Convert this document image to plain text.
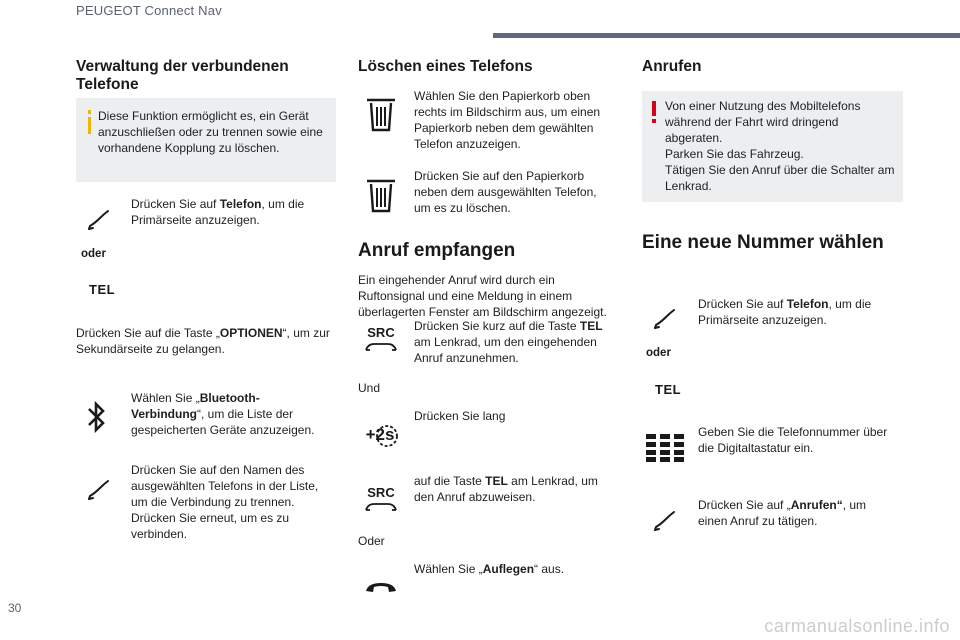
PEUGEOT Connect Nav
Verwaltung der verbundenen Telefone

Diese Funktion ermöglicht es, ein Gerät anzuschließen oder zu trennen sowie eine vorhandene Kopplung zu löschen.

Drücken Sie auf Telefon, um die Primärseite anzuzeigen.

oder
TEL

Drücken Sie auf die Taste „OPTIONEN“, um zur Sekundärseite zu gelangen.

Wählen Sie „Bluetooth-Verbindung“, um die Liste der gespeicherten Geräte anzuzeigen.

Drücken Sie auf den Namen des ausgewählten Telefons in der Liste, um die Verbindung zu trennen. Drücken Sie erneut, um es zu verbinden.

Löschen eines Telefons

Wählen Sie den Papierkorb oben rechts im Bildschirm aus, um einen Papierkorb neben dem gewählten Telefon anzuzeigen.

Drücken Sie auf den Papierkorb neben dem ausgewählten Telefon, um es zu löschen.

Anruf empfangen

Ein eingehender Anruf wird durch ein Ruftonsignal und eine Meldung in einem überlagerten Fenster am Bildschirm angezeigt.

SRC Drücken Sie kurz auf die Taste TEL am Lenkrad, um den eingehenden Anruf anzunehmen.

Und
+2s

Drücken Sie lang

SRC

auf die Taste TEL am Lenkrad, um den Anruf abzuweisen.

Oder

Wählen Sie „Auflegen“ aus.

Anrufen

Von einer Nutzung des Mobiltelefons während der Fahrt wird dringend abgeraten.
Parken Sie das Fahrzeug.
Tätigen Sie den Anruf über die Schalter am Lenkrad.

Eine neue Nummer wählen

Drücken Sie auf Telefon, um die Primärseite anzuzeigen.

oder
TEL

Geben Sie die Telefonnummer über die Digitaltastatur ein.

Drücken Sie auf „Anrufen“, um einen Anruf zu tätigen.

30
carmanualsonline.info
